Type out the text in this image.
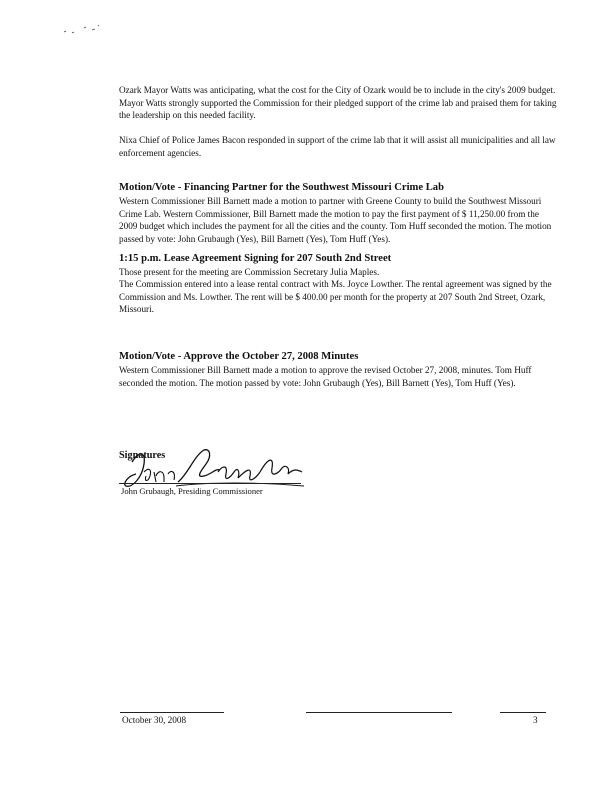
Ozark Mayor Watts was anticipating, what the cost for the City of Ozark would be to include in the city's 2009 budget. Mayor Watts strongly supported the Commission for their pledged support of the crime lab and praised them for taking the leadership on this needed facility.

Nixa Chief of Police James Bacon responded in support of the crime lab that it will assist all municipalities and all law enforcement agencies.

Motion/Vote - Financing Partner for the Southwest Missouri Crime Lab

Western Commissioner Bill Barnett made a motion to partner with Greene County to build the Southwest Missouri Crime Lab. Western Commissioner, Bill Barnett made the motion to pay the first payment of $ 11,250.00 from the 2009 budget which includes the payment for all the cities and the county. Tom Huff seconded the motion. The motion passed by vote: John Grubaugh (Yes), Bill Barnett (Yes), Tom Huff (Yes).

1:15 p.m. Lease Agreement Signing for 207 South 2nd Street

Those present for the meeting are Commission Secretary Julia Maples.

The Commission entered into a lease rental contract with Ms. Joyce Lowther. The rental agreement was signed by the Commission and Ms. Lowther. The rent will be $ 400.00 per month for the property at 207 South 2nd Street, Ozark, Missouri.

Motion/Vote - Approve the October 27, 2008 Minutes

Western Commissioner Bill Barnett made a motion to approve the revised October 27, 2008, minutes. Tom Huff seconded the motion. The motion passed by vote: John Grubaugh (Yes), Bill Barnett (Yes), Tom Huff (Yes).

Signatures
John Grubaugh, Presiding Commissioner
October 30, 2008	3
